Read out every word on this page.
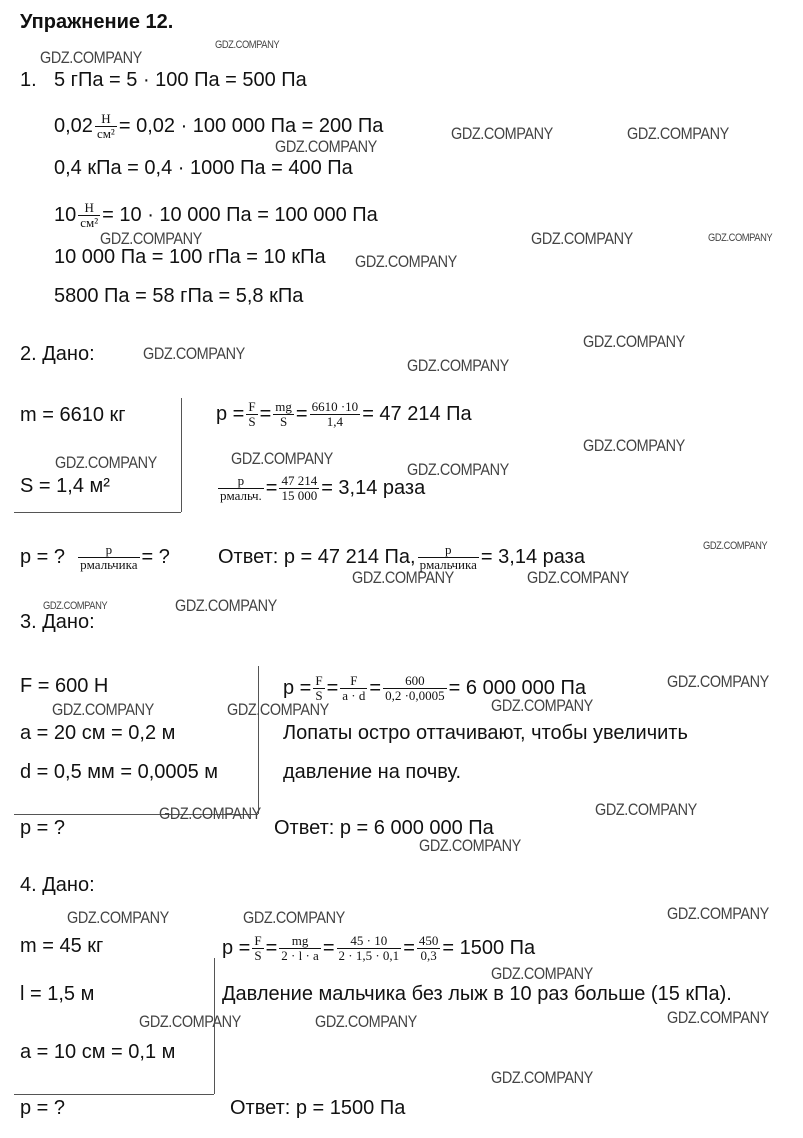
Упражнение 12.
1. 5 гПа = 5 · 100 Па = 500 Па
$0,02 \frac{Н}{\text{см²}} = 0,02 \cdot 100$ 000 Па = 200 Па
0,4 кПа = 0,4 · 1000 Па = 400 Па
$10 \frac{Н}{\text{см²}} = 10 \cdot 10$ 000 Па = 100 000 Па
10 000 Па = 100 гПа = 10 кПа
5800 Па = 58 гПа = 5,8 кПа
2. Дано:
m = 6610 кг
S = 1,4 м²
$p = \frac{F}{S} = \frac{mg}{S} = \frac{6610 \cdot 10}{1,4} = 47$ 214 Па
$\frac{p}{\text{pмальч.}} = \frac{47 214}{15 000} = 3,14$ раза
p = ? $\frac{p}{\text{pмальчика}}$ = ? Ответ: p = 47 214 Па, $\frac{p}{\text{pмальчика}} = 3,14$ раза
3. Дано:
F = 600 Н
a = 20 см = 0,2 м
d = 0,5 мм = 0,0005 м
p = ?
$p = \frac{F}{S} = \frac{F}{a \cdot d} = \frac{600}{0,2 \cdot 0,0005} = 6$ 000 000 Па
Лопаты остро оттачивают, чтобы увеличить
давление на почву.
Ответ: p = 6 000 000 Па
4. Дано:
m = 45 кг
l = 1,5 м
a = 10 см = 0,1 м
p = ?
$p = \frac{F}{S} = \frac{mg}{2 \cdot l \cdot a} = \frac{45 \cdot 10}{2 \cdot 1,5 \cdot 0,1} = \frac{450}{0,3} = 1500$ Па
Давление мальчика без лыж в 10 раз больше (15 кПа).
Ответ: p = 1500 Па
GDZ.COMPANY
GDZ.COMPANY
GDZ.COMPANY
GDZ.COMPANY	GDZ.COMPANY
GDZ.COMPANY
GDZ.COMPANY
GDZ.COMPANY	GDZ.COMPANY
GDZ.COMPANY
GDZ.COMPANY
GDZ.COMPANY
GDZ.COMPANY
GDZ.COMPANY	GDZ.COMPANY
GDZ.COMPANY
GDZ.COMPANY
GDZ.COMPANY	GDZ.COMPANY
GDZ.COMPANY	GDZ.COMPANY
GDZ.COMPANY
GDZ.COMPANY	GDZ.COMPANY	GDZ.COMPANY
GDZ.COMPANY
GDZ.COMPANY
GDZ.COMPANY
GDZ.COMPANY	GDZ.COMPANY	GDZ.COMPANY
GDZ.COMPANY
GDZ.COMPANY	GDZ.COMPANY	GDZ.COMPANY
GDZ.COMPANY
